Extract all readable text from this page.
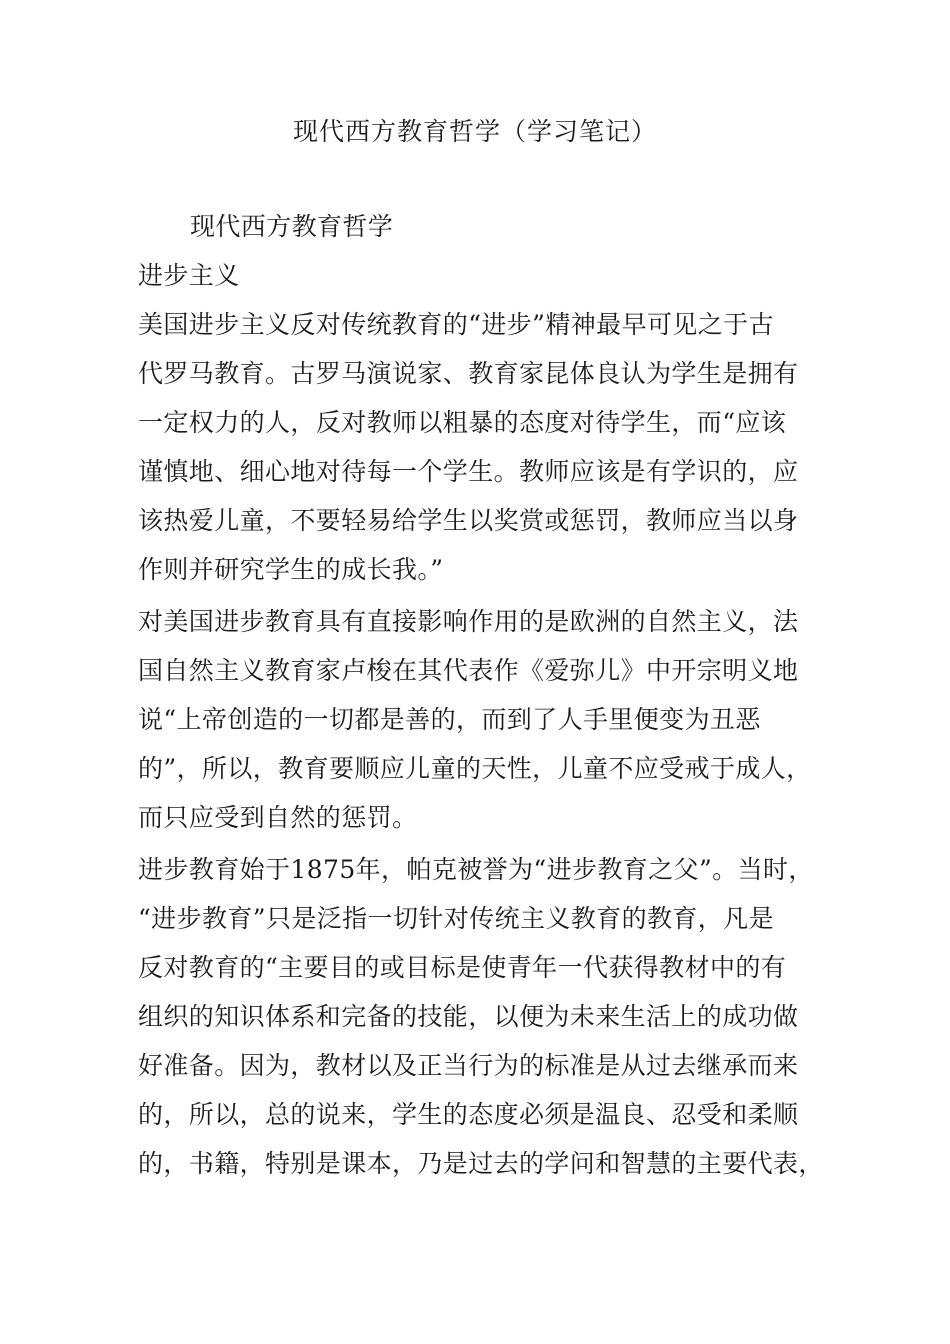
现代西方教育哲学（学习笔记）

现代西方教育哲学

进步主义

美国进步主义反对传统教育的“进步”精神最早可见之于古

代罗马教育。古罗马演说家、教育家昆体良认为学生是拥有

一定权力的人，反对教师以粗暴的态度对待学生，而“应该

谨慎地、细心地对待每一个学生。教师应该是有学识的，应

该热爱儿童，不要轻易给学生以奖赏或惩罚，教师应当以身

作则并研究学生的成长我。”

对美国进步教育具有直接影响作用的是欧洲的自然主义，法

国自然主义教育家卢梭在其代表作《爱弥儿》中开宗明义地

说“上帝创造的一切都是善的，而到了人手里便变为丑恶

的”，所以，教育要顺应儿童的天性，儿童不应受戒于成人，

而只应受到自然的惩罚。

进步教育始于1875年，帕克被誉为“进步教育之父”。当时，

“进步教育”只是泛指一切针对传统主义教育的教育，凡是

反对教育的“主要目的或目标是使青年一代获得教材中的有

组织的知识体系和完备的技能，以便为未来生活上的成功做

好准备。因为，教材以及正当行为的标准是从过去继承而来

的，所以，总的说来，学生的态度必须是温良、忍受和柔顺

的，书籍，特别是课本，乃是过去的学问和智慧的主要代表，
